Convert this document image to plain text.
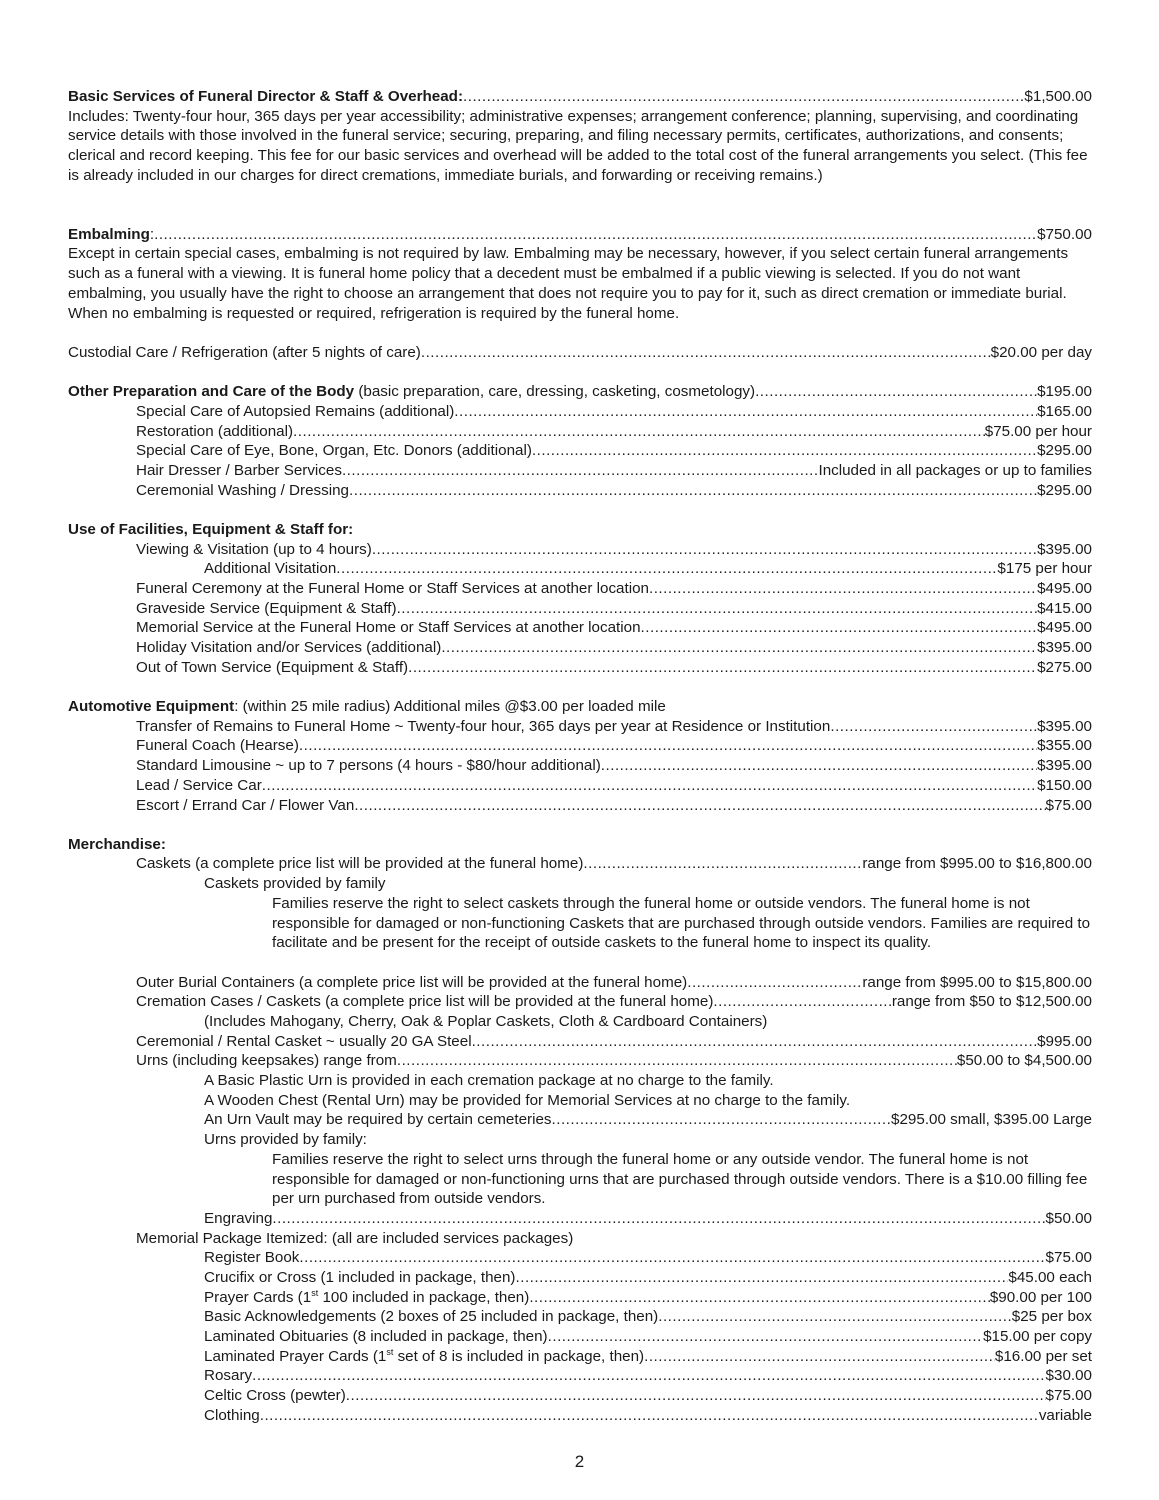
Basic Services of Funeral Director & Staff & Overhead: .....	$1,500.00
Includes: Twenty-four hour, 365 days per year accessibility; administrative expenses; arrangement conference; planning, supervising, and coordinating service details with those involved in the funeral service; securing, preparing, and filing necessary permits, certificates, authorizations, and consents; clerical and record keeping. This fee for our basic services and overhead will be added to the total cost of the funeral arrangements you select. (This fee is already included in our charges for direct cremations, immediate burials, and forwarding or receiving remains.)
Embalming: .....	$750.00
Except in certain special cases, embalming is not required by law. Embalming may be necessary, however, if you select certain funeral arrangements such as a funeral with a viewing. It is funeral home policy that a decedent must be embalmed if a public viewing is selected. If you do not want embalming, you usually have the right to choose an arrangement that does not require you to pay for it, such as direct cremation or immediate burial. When no embalming is requested or required, refrigeration is required by the funeral home.
Custodial Care / Refrigeration (after 5 nights of care) .....	$20.00 per day
Other Preparation and Care of the Body (basic preparation, care, dressing, casketing, cosmetology) .....	$195.00
Special Care of Autopsied Remains (additional) .....	$165.00
Restoration (additional) .....	$75.00 per hour
Special Care of Eye, Bone, Organ, Etc. Donors (additional) .....	$295.00
Hair Dresser / Barber Services .....	Included in all packages or up to families
Ceremonial Washing / Dressing .....	$295.00
Use of Facilities, Equipment & Staff for:
Viewing & Visitation (up to 4 hours) .....	$395.00
Additional Visitation .....	$175 per hour
Funeral Ceremony at the Funeral Home or Staff Services at another location .....	$495.00
Graveside Service (Equipment & Staff) .....	$415.00
Memorial Service at the Funeral Home or Staff Services at another location .....	$495.00
Holiday Visitation and/or Services (additional) .....	$395.00
Out of Town Service (Equipment & Staff) .....	$275.00
Automotive Equipment: (within 25 mile radius) Additional miles @$3.00 per loaded mile
Transfer of Remains to Funeral Home ~ Twenty-four hour, 365 days per year at Residence or Institution .....	$395.00
Funeral Coach (Hearse) .....	$355.00
Standard Limousine ~ up to 7 persons (4 hours - $80/hour additional) .....	$395.00
Lead / Service Car .....	$150.00
Escort / Errand Car / Flower Van .....	$75.00
Merchandise:
Caskets (a complete price list will be provided at the funeral home) .....	range from $995.00 to $16,800.00
Caskets provided by family
Families reserve the right to select caskets through the funeral home or outside vendors. The funeral home is not responsible for damaged or non-functioning Caskets that are purchased through outside vendors. Families are required to facilitate and be present for the receipt of outside caskets to the funeral home to inspect its quality.
Outer Burial Containers (a complete price list will be provided at the funeral home) .....	range from $995.00 to $15,800.00
Cremation Cases / Caskets (a complete price list will be provided at the funeral home) .....	range from $50 to $12,500.00
(Includes Mahogany, Cherry, Oak & Poplar Caskets, Cloth & Cardboard Containers)
Ceremonial / Rental Casket ~ usually 20 GA Steel .....	$995.00
Urns (including keepsakes) range from .....	$50.00 to $4,500.00
A Basic Plastic Urn is provided in each cremation package at no charge to the family.
A Wooden Chest (Rental Urn) may be provided for Memorial Services at no charge to the family.
An Urn Vault may be required by certain cemeteries .....	$295.00 small, $395.00 Large
Urns provided by family:
Families reserve the right to select urns through the funeral home or any outside vendor. The funeral home is not responsible for damaged or non-functioning urns that are purchased through outside vendors. There is a $10.00 filling fee per urn purchased from outside vendors.
Engraving .....	$50.00
Memorial Package Itemized: (all are included services packages)
Register Book .....	$75.00
Crucifix or Cross (1 included in package, then) .....	$45.00 each
Prayer Cards (1st 100 included in package, then) .....	$90.00 per 100
Basic Acknowledgements (2 boxes of 25 included in package, then) .....	$25 per box
Laminated Obituaries (8 included in package, then) .....	$15.00 per copy
Laminated Prayer Cards (1st set of 8 is included in package, then) .....	$16.00 per set
Rosary .....	$30.00
Celtic Cross (pewter) .....	$75.00
Clothing .....	variable
2
